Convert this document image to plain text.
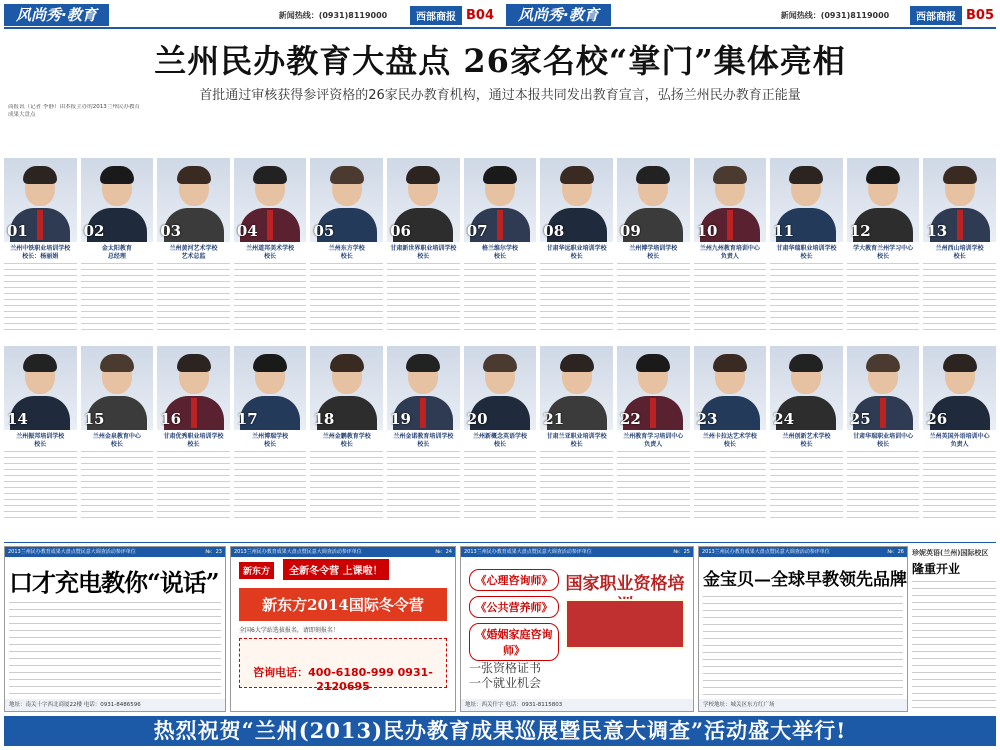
风尚秀·教育	新闻热线：(0931)8119000	西部商报 B04	风尚秀·教育	新闻热线：(0931)8119000	西部商报 B05
兰州民办教育大盘点 26家名校“掌门”集体亮相
首批通过审核获得参评资格的26家民办教育机构，通过本报共同发出教育宣言，弘扬兰州民办教育正能量
商报讯（记者 李静）由本报主办的2013兰州民办教育成果大盘点
01
兰州中铁职业培训学校
校长：杨丽娟
02
金太阳教育
总经理
03
兰州黄河艺术学校
艺术总监
04
兰州道邦美术学校
校长
05
兰州东方学校
校长
06
甘肃新世界职业培训学校
校长
07
格兰维尔学校
校长
08
甘肃华远职业培训学校
校长
09
兰州博学培训学校
校长
10
兰州九州教育培训中心
负责人
11
甘肃华瑞职业培训学校
校长
12
学大教育兰州学习中心
校长
13
兰州西山培训学校
校长
14
兰州振邦培训学校
校长
15
兰州金泉教育中心
校长
16
甘肃优秀职业培训学校
校长
17
兰州博瑞学校
校长
18
兰州金鹏教育学校
校长
19
兰州金诺教育培训学校
校长
20
兰州新概念英语学校
校长
21
甘肃兰亚职业培训学校
校长
22
兰州教育学习培训中心
负责人
23
兰州卡拉达艺术学校
校长
24
兰州创新艺术学校
校长
25
甘肃华瑞职业培训中心
校长
26
兰州英国外语培训中心
负责人
2013兰州民办教育成果大盘点暨民意大调查活动参评单位	№：23
口才充电教你“说话”
地址：南关十字西北商厦22楼 电话：0931-8486596
2013兰州民办教育成果大盘点暨民意大调查活动参评单位	№：24
新东方 全新冬令营 上课啦！
新东方2014国际冬令营
全国6大学站选拔报名，请即刻报名！
咨询电话：400-6180-999 0931-2120695
2013兰州民办教育成果大盘点暨民意大调查活动参评单位	№：25
《心理咨询师》
《公共营养师》
《婚姻家庭咨询师》
国家职业资格培
一张资格证书
一个就业机会
地址：西关什字 电话：0931-8115803
2013兰州民办教育成果大盘点暨民意大调查活动参评单位	№：26
金宝贝—全球早教领先品牌
学校地址：城关区东方红广场
珍妮英语(兰州)国际校区
隆重开业
热烈祝贺“兰州(2013)民办教育成果巡展暨民意大调查”活动盛大举行!
